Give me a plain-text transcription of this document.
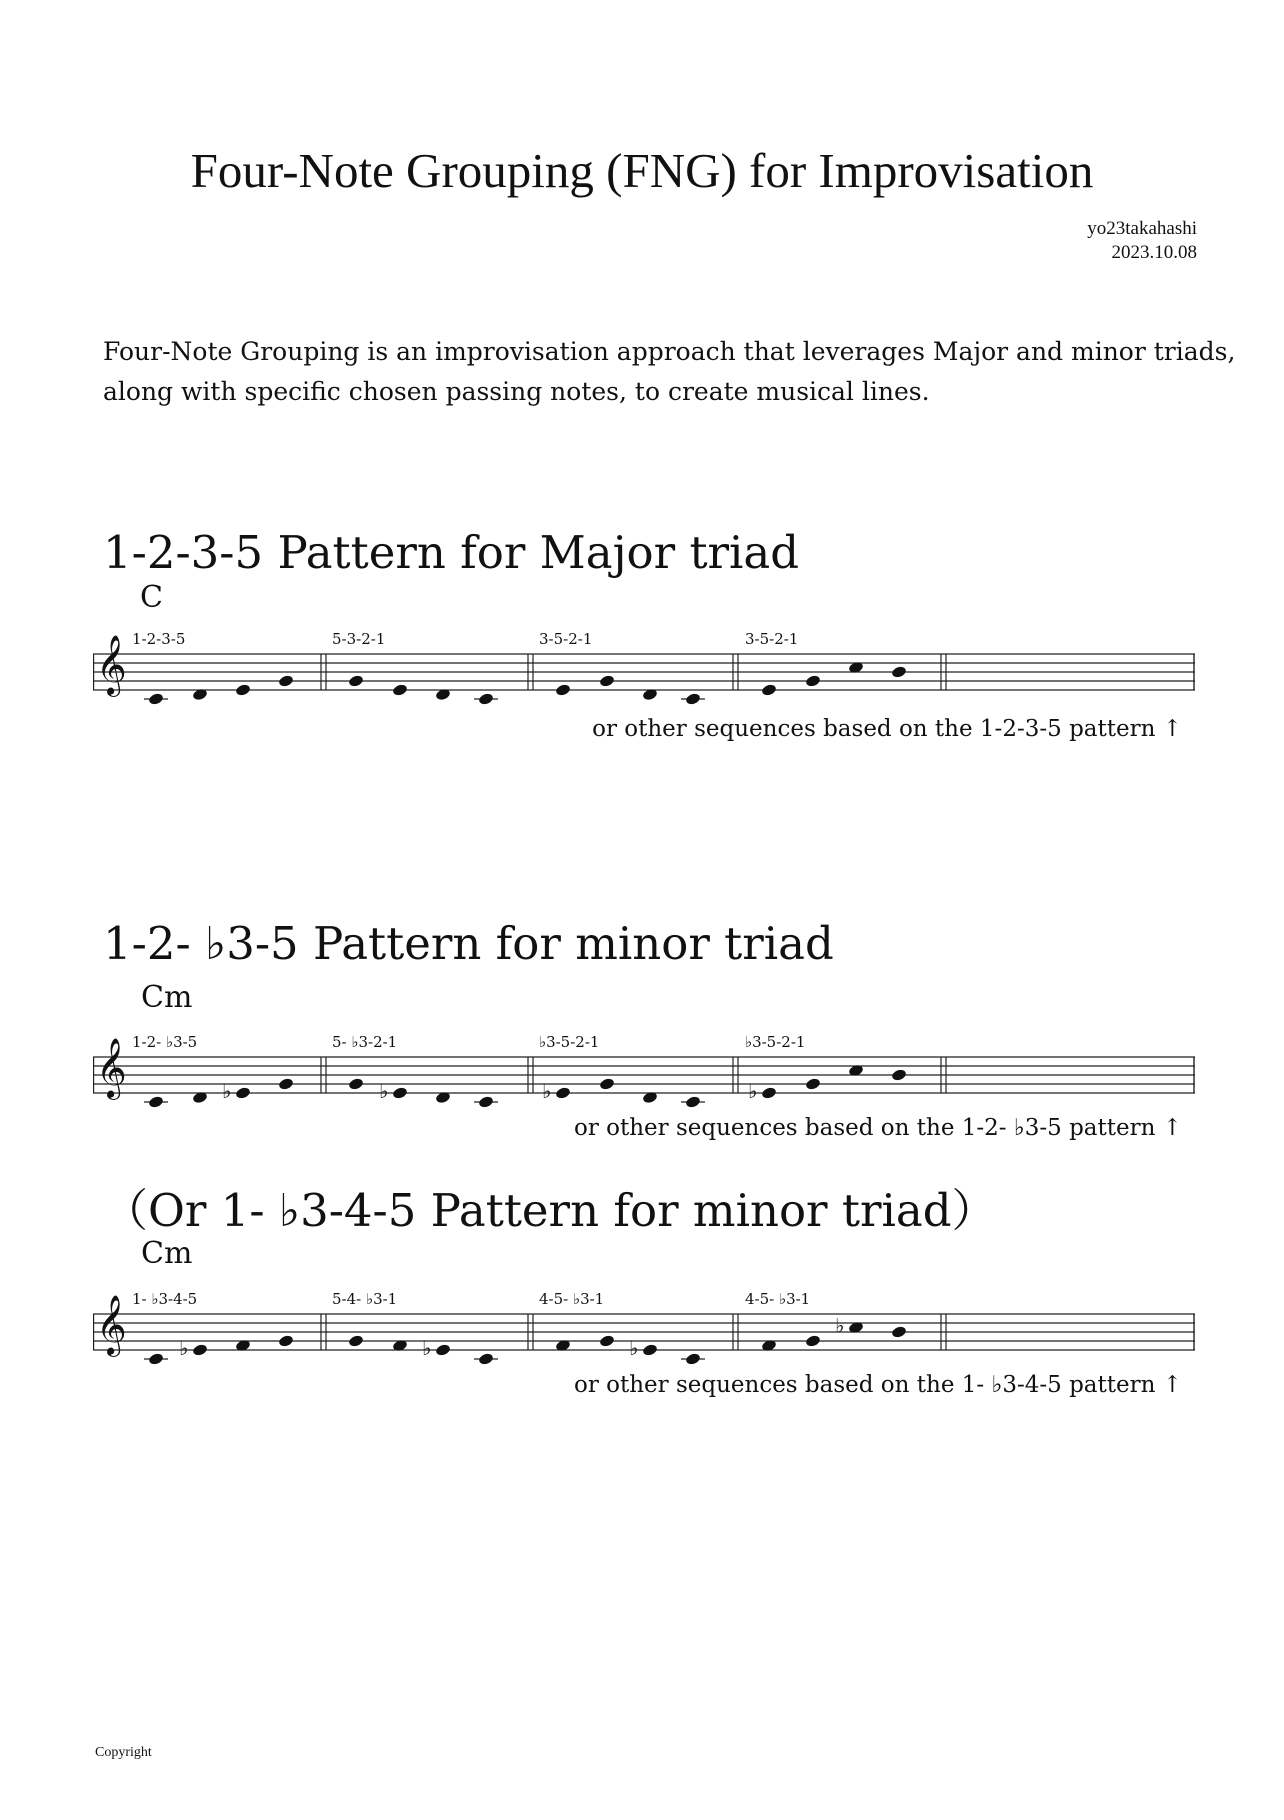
Four-Note Grouping (FNG) for Improvisation
yo23takahashi
2023.10.08
Four-Note Grouping is an improvisation approach that leverages Major and minor triads,
along with specific chosen passing notes, to create musical lines.
1-2-3-5 Pattern for Major triad
C
𝄞 1-2-3-5	5-3-2-1	3-5-2-1	3-5-2-1
or other sequences based on the 1-2-3-5 pattern ↑
1-2- ♭3-5 Pattern for minor triad
Cm
𝄞 1-2- ♭3-5
♭
5- ♭3-2-1
♭
♭3-5-2-1
♭
♭3-5-2-1
♭
or other sequences based on the 1-2- ♭3-5 pattern ↑
（Or 1- ♭3-4-5 Pattern for minor triad）
Cm
𝄞 1- ♭3-4-5
♭
5-4- ♭3-1
♭
4-5- ♭3-1
♭
4-5- ♭3-1
♭
or other sequences based on the 1- ♭3-4-5 pattern ↑
Copyright
